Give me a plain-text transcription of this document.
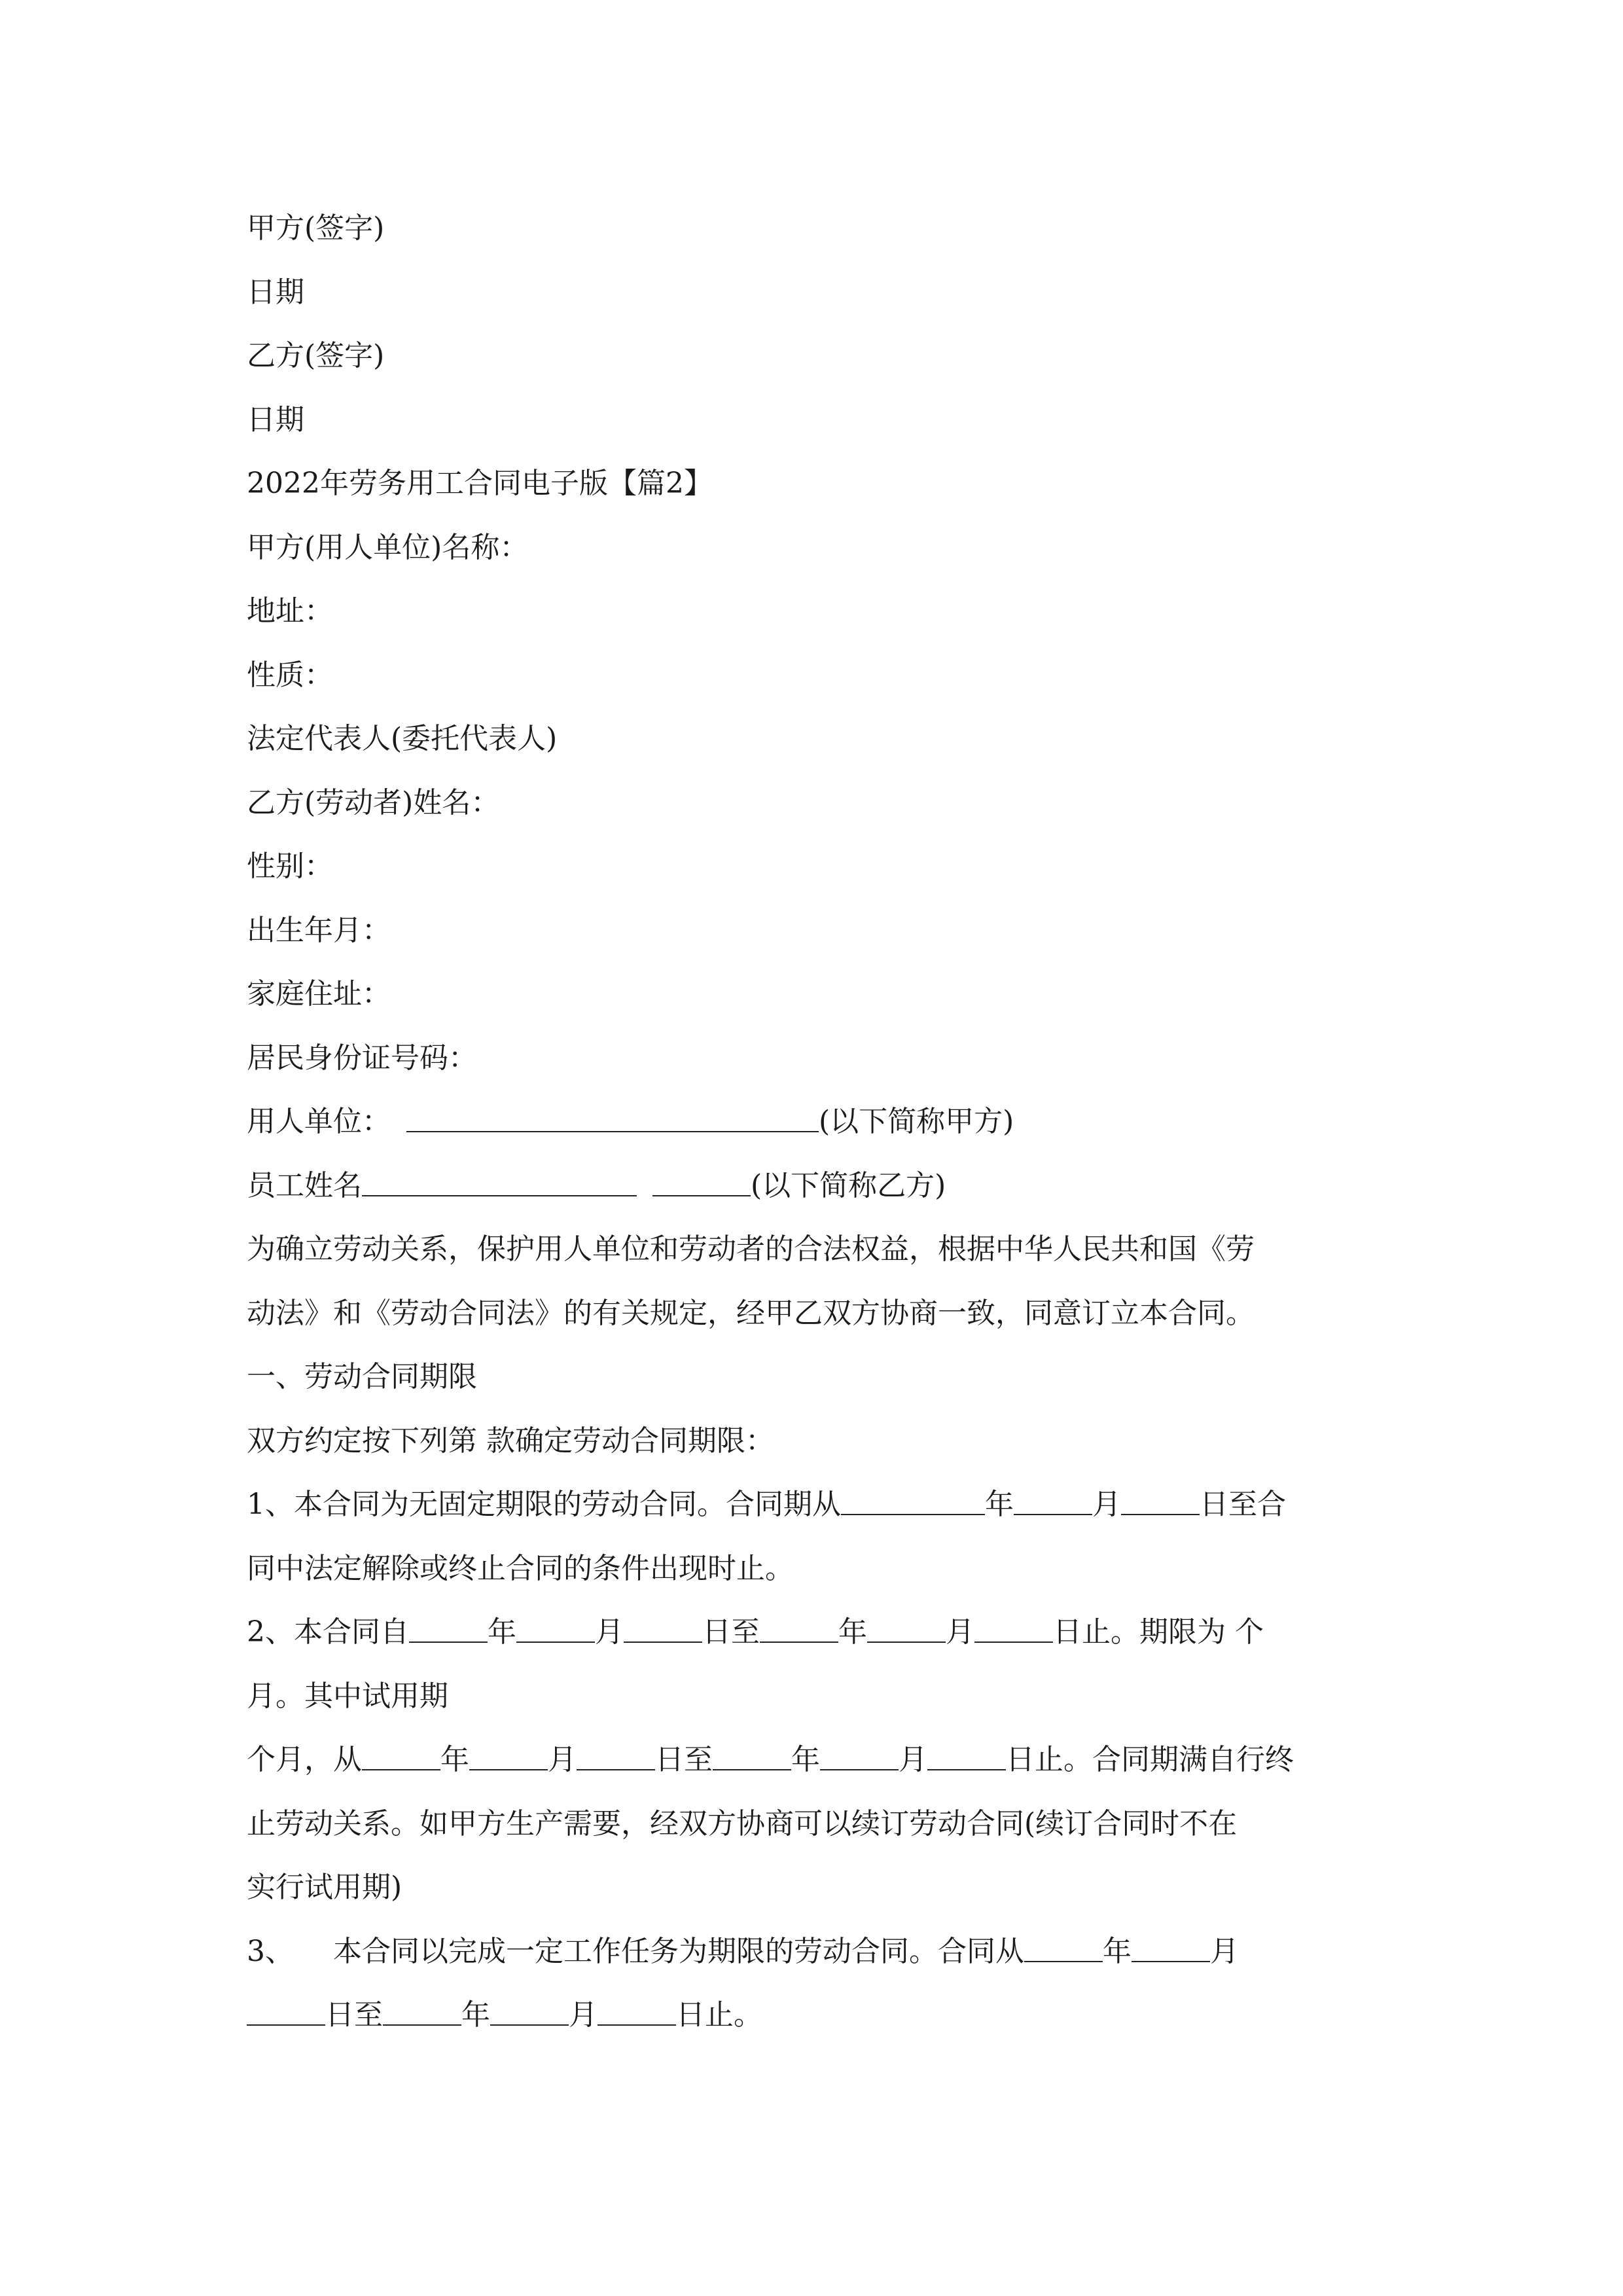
甲方(签字)

日期

乙方(签字)

日期

2022年劳务用工合同电子版【篇2】

甲方(用人单位)名称：

地址：

性质：

法定代表人(委托代表人)

乙方(劳动者)姓名：

性别：

出生年月：

家庭住址：

居民身份证号码：

用人单位：	(以下简称甲方)

员工姓名	(以下简称乙方)

为确立劳动关系，保护用人单位和劳动者的合法权益，根据中华人民共和国《劳

动法》和《劳动合同法》的有关规定，经甲乙双方协商一致，同意订立本合同。

一、劳动合同期限

双方约定按下列第 款确定劳动合同期限：

1、本合同为无固定期限的劳动合同。合同期从	年	月	日至合

同中法定解除或终止合同的条件出现时止。

2、本合同自	年	月	日至	年	月	日止。期限为 个

月。其中试用期

个月，从	年	月	日至	年	月	日止。合同期满自行终

止劳动关系。如甲方生产需要，经双方协商可以续订劳动合同(续订合同时不在

实行试用期)

3、 本合同以完成一定工作任务为期限的劳动合同。合同从	年	月

日至	年	月	日止。
